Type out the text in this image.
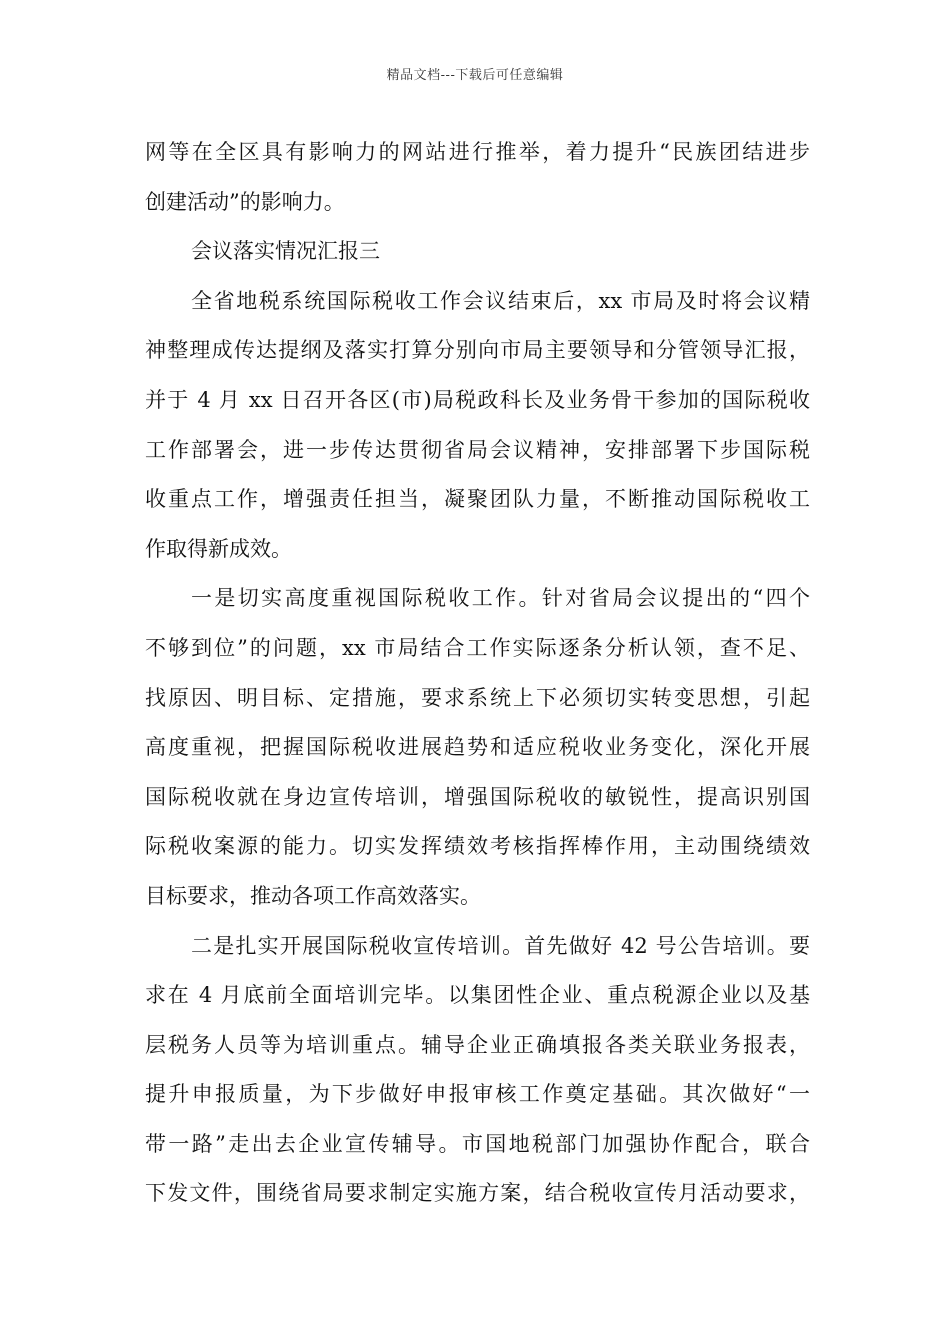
精品文档---下载后可任意编辑
网等在全区具有影响力的网站进行推举，着力提升“民族团结进步
创建活动”的影响力。
会议落实情况汇报三
全省地税系统国际税收工作会议结束后，xx 市局及时将会议精
神整理成传达提纲及落实打算分别向市局主要领导和分管领导汇报，
并于 4 月 xx 日召开各区(市)局税政科长及业务骨干参加的国际税收
工作部署会，进一步传达贯彻省局会议精神，安排部署下步国际税
收重点工作，增强责任担当，凝聚团队力量，不断推动国际税收工
作取得新成效。
一是切实高度重视国际税收工作。针对省局会议提出的“四个
不够到位”的问题，xx 市局结合工作实际逐条分析认领，查不足、
找原因、明目标、定措施，要求系统上下必须切实转变思想，引起
高度重视，把握国际税收进展趋势和适应税收业务变化，深化开展
国际税收就在身边宣传培训，增强国际税收的敏锐性，提高识别国
际税收案源的能力。切实发挥绩效考核指挥棒作用，主动围绕绩效
目标要求，推动各项工作高效落实。
二是扎实开展国际税收宣传培训。首先做好 42 号公告培训。要
求在 4 月底前全面培训完毕。以集团性企业、重点税源企业以及基
层税务人员等为培训重点。辅导企业正确填报各类关联业务报表，
提升申报质量，为下步做好申报审核工作奠定基础。其次做好“一
带一路”走出去企业宣传辅导。市国地税部门加强协作配合，联合
下发文件，围绕省局要求制定实施方案，结合税收宣传月活动要求，
